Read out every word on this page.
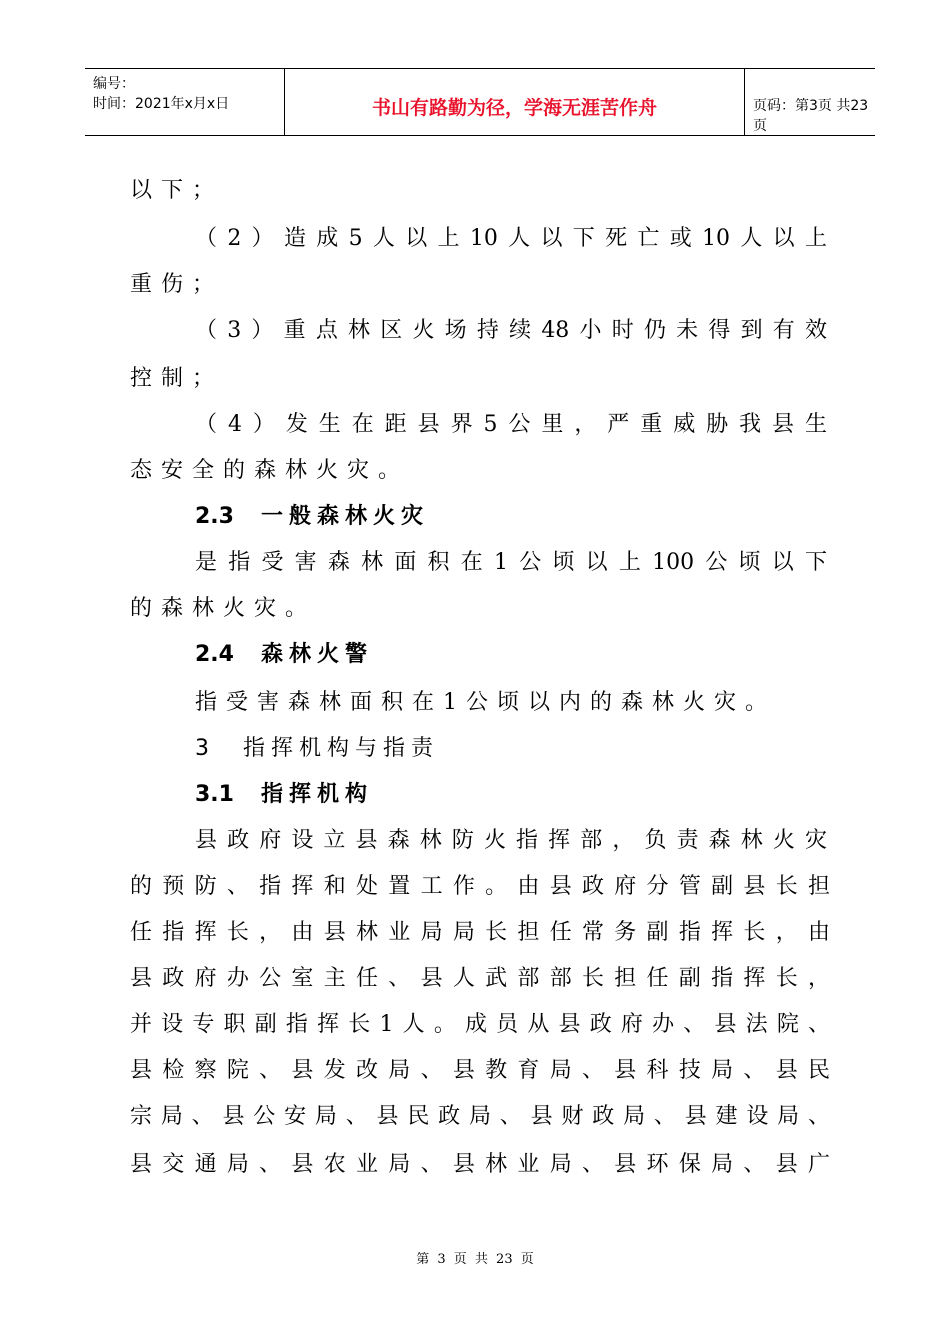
编号：
时间：2021年x月x日	书山有路勤为径，学海无涯苦作舟	页码：第3页 共23页
以下；
（2）造成5人以上10人以下死亡或10人以上
重伤；
（3）重点林区火场持续48小时仍未得到有效
控制；
（4）发生在距县界5公里，严重威胁我县生
态安全的森林火灾。
2.3 一般森林火灾
是指受害森林面积在1公顷以上100公顷以下
的森林火灾。
2.4 森林火警
指受害森林面积在1公顷以内的森林火灾。
3 指挥机构与指责
3.1 指挥机构
县政府设立县森林防火指挥部，负责森林火灾
的预防、指挥和处置工作。由县政府分管副县长担
任指挥长，由县林业局局长担任常务副指挥长，由
县政府办公室主任、县人武部部长担任副指挥长，
并设专职副指挥长1人。成员从县政府办、县法院、
县检察院、县发改局、县教育局、县科技局、县民
宗局、县公安局、县民政局、县财政局、县建设局、
县交通局、县农业局、县林业局、县环保局、县广
第 3 页 共 23 页
